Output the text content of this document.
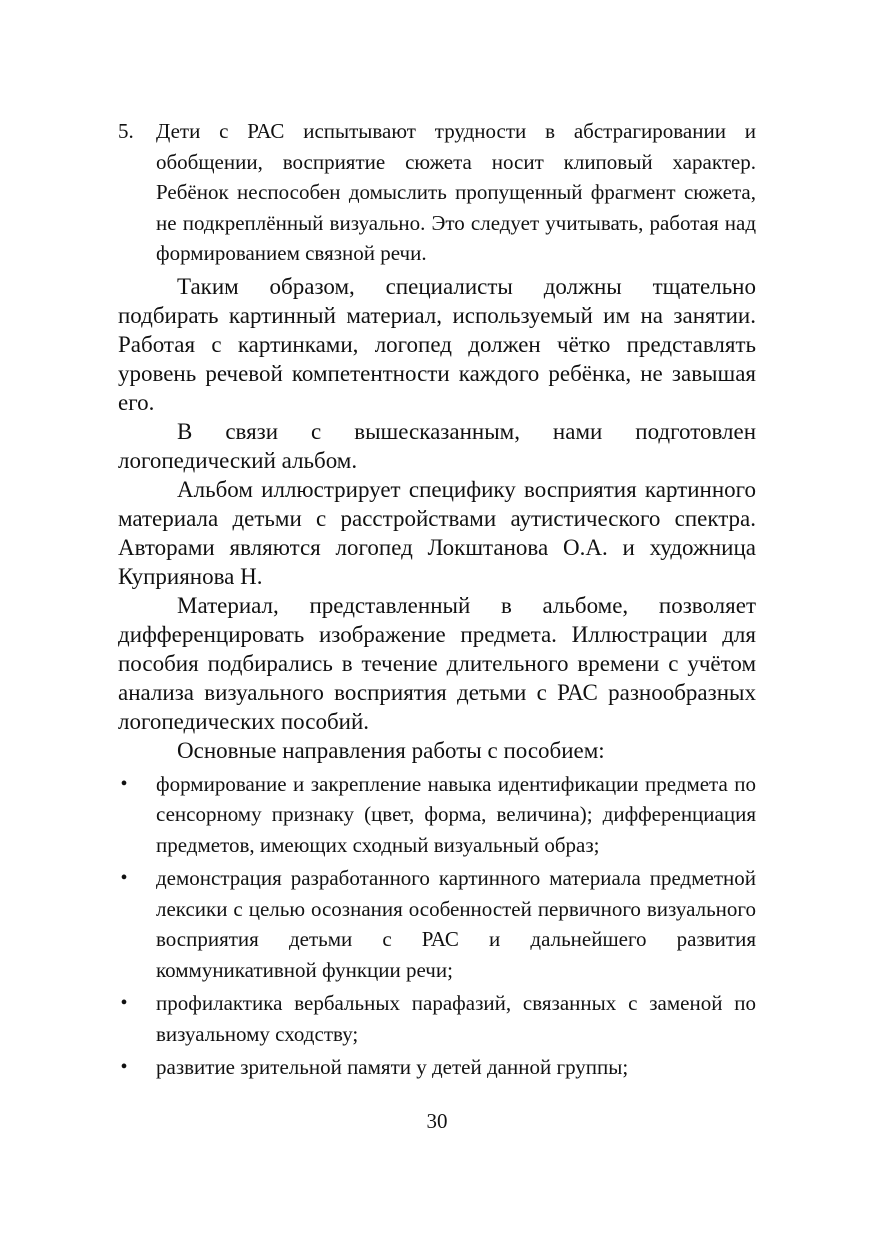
5. Дети с РАС испытывают трудности в абстрагировании и обобщении, восприятие сюжета носит клиповый характер. Ребёнок неспособен домыслить пропущенный фрагмент сюжета, не подкреплённый визуально. Это следует учитывать, работая над формированием связной речи.

Таким образом, специалисты должны тщательно подбирать картинный материал, используемый им на занятии. Работая с картинками, логопед должен чётко представлять уровень речевой компетентности каждого ребёнка, не завышая его.

В связи с вышесказанным, нами подготовлен логопедический альбом.

Альбом иллюстрирует специфику восприятия картинного материала детьми с расстройствами аутистического спектра. Авторами являются логопед Локштанова О.А. и художница Куприянова Н.

Материал, представленный в альбоме, позволяет дифференцировать изображение предмета. Иллюстрации для пособия подбирались в течение длительного времени с учётом анализа визуального восприятия детьми с РАС разнообразных логопедических пособий.

Основные направления работы с пособием:

• формирование и закрепление навыка идентификации предмета по сенсорному признаку (цвет, форма, величина); дифференциация предметов, имеющих сходный визуальный образ;
• демонстрация разработанного картинного материала предметной лексики с целью осознания особенностей первичного визуального восприятия детьми с РАС и дальнейшего развития коммуникативной функции речи;
• профилактика вербальных парафазий, связанных с заменой по визуальному сходству;
• развитие зрительной памяти у детей данной группы;
30
